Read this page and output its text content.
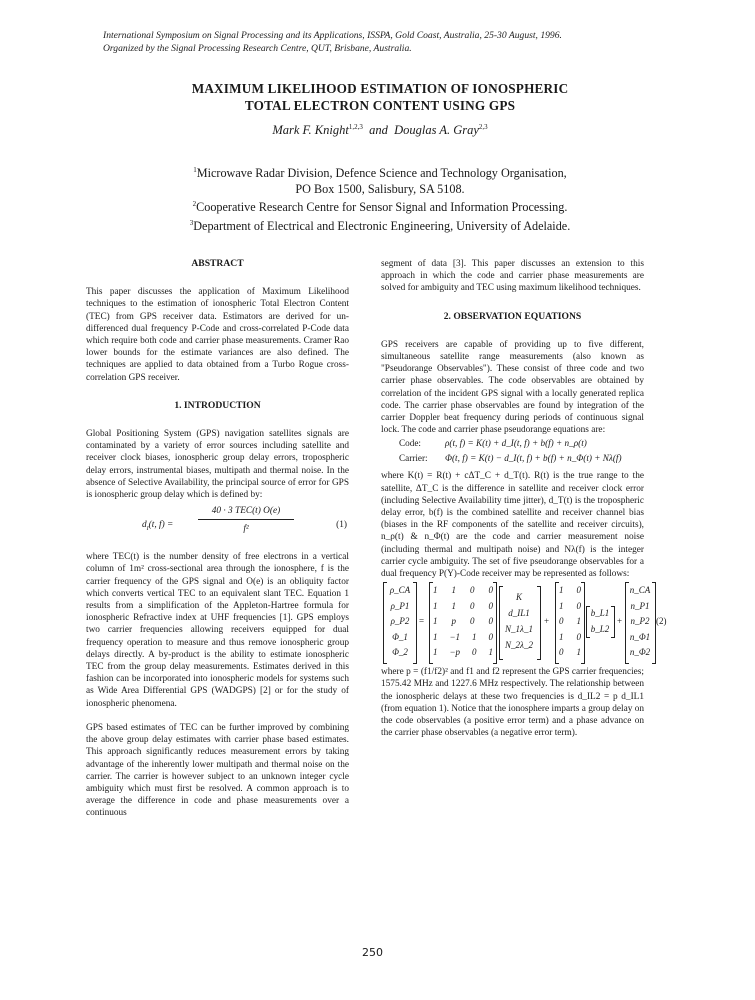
International Symposium on Signal Processing and its Applications, ISSPA, Gold Coast, Australia, 25-30 August, 1996.
Organized by the Signal Processing Research Centre, QUT, Brisbane, Australia.
MAXIMUM LIKELIHOOD ESTIMATION OF IONOSPHERIC
TOTAL ELECTRON CONTENT USING GPS
Mark F. Knight$^{1,2,3}$ and Douglas A. Gray$^{2,3}$
$^1$Microwave Radar Division, Defence Science and Technology Organisation,
PO Box 1500, Salisbury, SA 5108.
$^2$Cooperative Research Centre for Sensor Signal and Information Processing.
$^3$Department of Electrical and Electronic Engineering, University of Adelaide.
ABSTRACT

This paper discusses the application of Maximum Likelihood techniques to the estimation of ionospheric Total Electron Content (TEC) from GPS receiver data. Estimators are derived for un-differenced dual frequency P-Code and cross-correlated P-Code data which require both code and carrier phase measurements. Cramer Rao lower bounds for the estimate variances are also defined. The techniques are applied to data obtained from a Turbo Rogue cross-correlation GPS receiver.

1. INTRODUCTION

Global Positioning System (GPS) navigation satellites signals are contaminated by a variety of error sources including satellite and receiver clock biases, ionospheric group delay errors, tropospheric delay errors, instrumental biases, multipath and thermal noise. In the absence of Selective Availability, the principal source of error for GPS is ionospheric group delay which is defined by:

$d_I(t$, f) =
40 · 3 TEC(t) O(e)
f²	(1)

where TEC(t) is the number density of free electrons in a vertical column of 1m² cross-sectional area through the ionosphere, f is the carrier frequency of the GPS signal and O(e) is an obliquity factor which converts vertical TEC to an equivalent slant TEC. Equation 1 results from a simplification of the Appleton-Hartree formula for ionospheric Refractive index at UHF frequencies [1]. GPS employs two carrier frequencies allowing receivers equipped for dual frequency operation to measure and thus remove ionospheric group delays directly. A by-product is the ability to estimate ionospheric TEC from the group delay measurements. Estimates derived in this fashion can be incorporated into ionospheric models for systems such as Wide Area Differential GPS (WADGPS) [2] or for the study of ionospheric phenomena.

GPS based estimates of TEC can be further improved by combining the above group delay estimates with carrier phase based estimates. This approach significantly reduces measurement errors by taking advantage of the inherently lower multipath and thermal noise on the carrier. The carrier is however subject to an unknown integer cycle ambiguity which must first be resolved. A common approach is to average the difference in code and phase measurements over a continuous

segment of data [3]. This paper discusses an extension to this approach in which the code and carrier phase measurements are solved for ambiguity and TEC using maximum likelihood techniques.

2. OBSERVATION EQUATIONS

GPS receivers are capable of providing up to five different, simultaneous satellite range measurements (also known as "Pseudorange Observables"). These consist of three code and two carrier phase observables. The code observables are obtained by correlation of the incident GPS signal with a locally generated replica code. The carrier phase observables are found by integration of the carrier Doppler beat frequency during periods of continuous signal lock. The code and carrier phase pseudorange equations are:

Code:	ρ(t, f) = K(t) + d_I(t, f) + b(f) + n_ρ(t)
Carrier: Φ(t, f) = K(t) − d_I(t, f) + b(f) + n_Φ(t) + Nλ(f)

where K(t) = R(t) + cΔT_C + d_T(t). R(t) is the true range to the satellite, ΔT_C is the difference in satellite and receiver clock error (including Selective Availability time jitter), d_T(t) is the tropospheric delay error, b(f) is the combined satellite and receiver channel bias (biases in the RF components of the satellite and receiver circuits), n_ρ(t) & n_Φ(t) are the code and carrier measurement noise (including thermal and multipath noise) and Nλ(f) is the integer carrier cycle ambiguity. The set of five pseudorange observables for a dual frequency P(Y)-Code receiver may be represented as follows:

ρ_CA
ρ_P1
ρ_P2
Φ_1
Φ_2
=
1 1 0 0
1 1 0 0
1 p 0 0
1 −1 1 0
1 −p 0 1
K
d_IL1
N_1λ_1
N_2λ_2
+
1 0
1 0
0 1
1 0
0 1
b_L1
b_L2
+
n_CA
n_P1
n_P2
n_Φ1
n_Φ2
(2)

where p = (f1/f2)² and f1 and f2 represent the GPS carrier frequencies; 1575.42 MHz and 1227.6 MHz respectively. The relationship between the ionospheric delays at these two frequencies is d_IL2 = p d_IL1 (from equation 1). Notice that the ionosphere imparts a group delay on the code observables (a positive error term) and a phase advance on the carrier phase observables (a negative error term).

250
